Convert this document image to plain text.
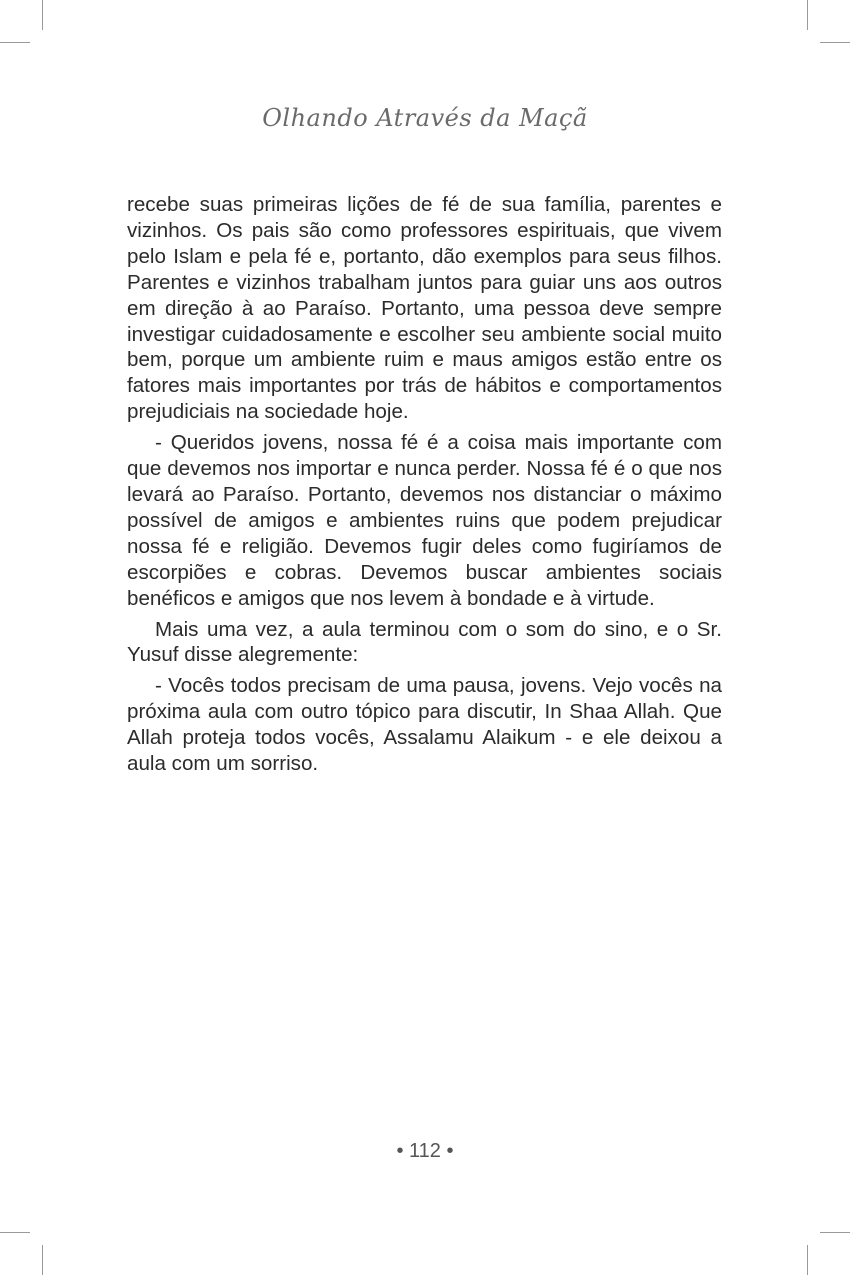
Olhando Através da Maçã

recebe suas primeiras lições de fé de sua família, parentes e vizinhos. Os pais são como professores espirituais, que vivem pelo Islam e pela fé e, portanto, dão exemplos para seus filhos. Parentes e vizinhos trabalham juntos para guiar uns aos outros em direção à ao Paraíso. Portanto, uma pessoa deve sempre investigar cuidadosamente e escolher seu ambiente social muito bem, porque um ambiente ruim e maus amigos estão entre os fatores mais importantes por trás de hábitos e comportamentos prejudiciais na sociedade hoje.

- Queridos jovens, nossa fé é a coisa mais importante com que devemos nos importar e nunca perder. Nossa fé é o que nos levará ao Paraíso. Portanto, devemos nos distanciar o máximo possível de amigos e ambientes ruins que podem prejudicar nossa fé e religião. Devemos fugir deles como fugiríamos de escorpiões e cobras. Devemos buscar ambientes sociais benéficos e amigos que nos levem à bondade e à virtude.

Mais uma vez, a aula terminou com o som do sino, e o Sr. Yusuf disse alegremente:

- Vocês todos precisam de uma pausa, jovens. Vejo vocês na próxima aula com outro tópico para discutir, In Shaa Allah. Que Allah proteja todos vocês, Assalamu Alaikum - e ele deixou a aula com um sorriso.

• 112 •
